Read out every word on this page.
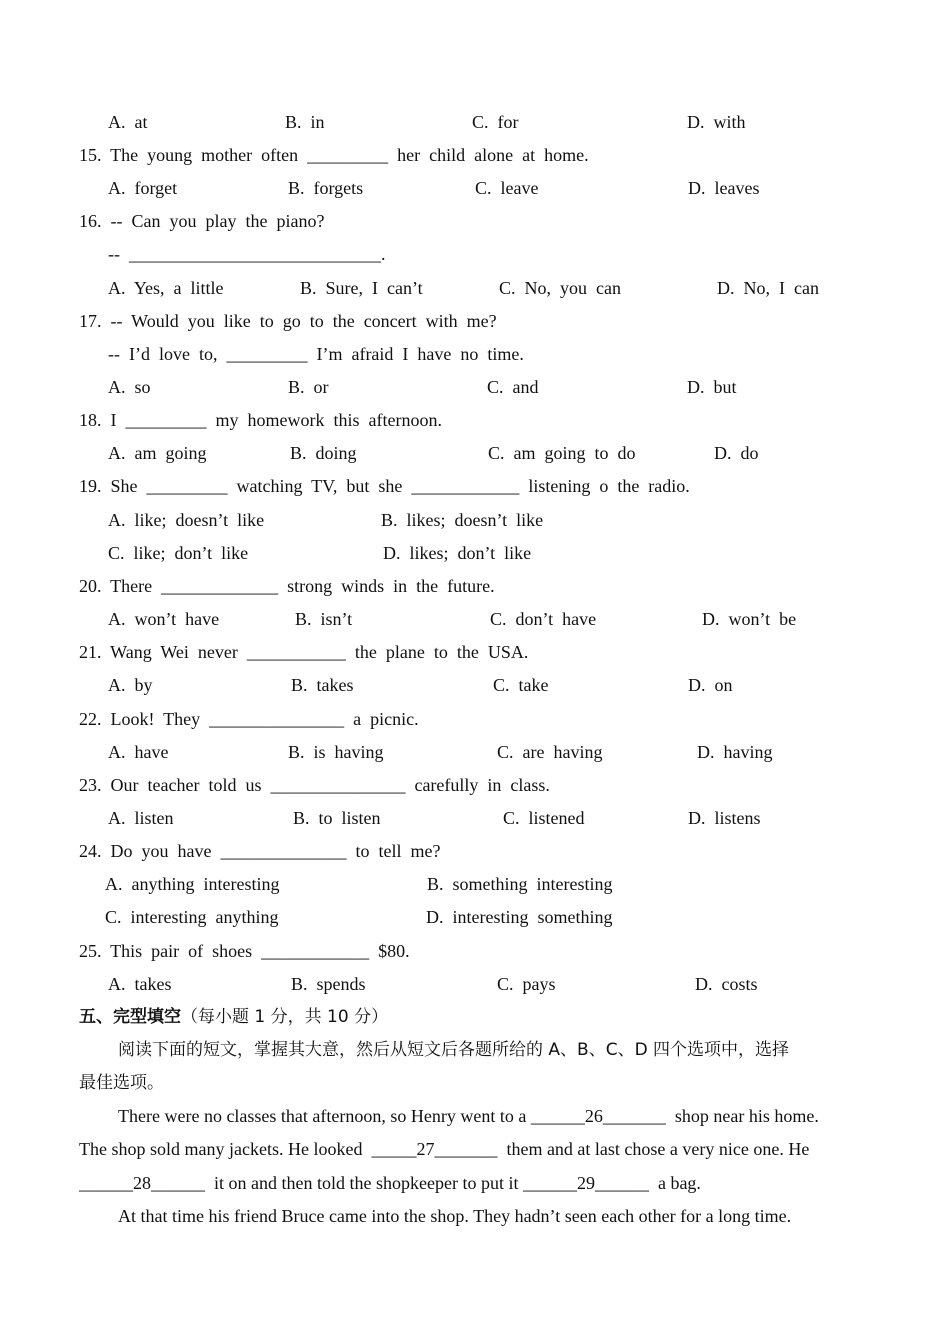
A.  at	B.  in	C.  for	D.  with
15.  The  young  mother  often  _________  her  child  alone  at  home.
A.  forget	B.  forgets	C.  leave	D.  leaves
16.  --  Can  you  play  the  piano?
--  ____________________________.
A.  Yes,  a  little	B.  Sure,  I  can’t	C.  No,  you  can	D.  No,  I  can
17.  --  Would  you  like  to  go  to  the  concert  with  me?
--  I’d  love  to,  _________  I’m  afraid  I  have  no  time.
A.  so	B.  or	C.  and	D.  but
18.  I  _________  my  homework  this  afternoon.
A.  am  going	B.  doing	C.  am  going  to  do	D.  do
19.  She  _________  watching  TV,  but  she  ____________  listening  o  the  radio.
A.  like;  doesn’t  like	B.  likes;  doesn’t  like
C.  like;  don’t  like	D.  likes;  don’t  like
20.  There  _____________  strong  winds  in  the  future.
A.  won’t  have	B.  isn’t	C.  don’t  have	D.  won’t  be
21.  Wang  Wei  never  ___________  the  plane  to  the  USA.
A.  by	B.  takes	C.  take	D.  on
22.  Look!  They  _______________  a  picnic.
A.  have	B.  is  having	C.  are  having	D.  having
23.  Our  teacher  told  us  _______________  carefully  in  class.
A.  listen	B.  to  listen	C.  listened	D.  listens
24.  Do  you  have  ______________  to  tell  me?
A.  anything  interesting	B.  something  interesting
C.  interesting  anything	D.  interesting  something
25.  This  pair  of  shoes  ____________  $80.
A.  takes	B.  spends	C.  pays	D.  costs
五、完型填空（每小题 1 分，共 10 分）
阅读下面的短文，掌握其大意，然后从短文后各题所给的 A、B、C、D 四个选项中，选择
最佳选项。
There were no classes that afternoon, so Henry went to a ______26_______  shop near his home.
The shop sold many jackets. He looked  _____27_______  them and at last chose a very nice one. He
______28______  it on and then told the shopkeeper to put it ______29______  a bag.
At that time his friend Bruce came into the shop. They hadn’t seen each other for a long time.
